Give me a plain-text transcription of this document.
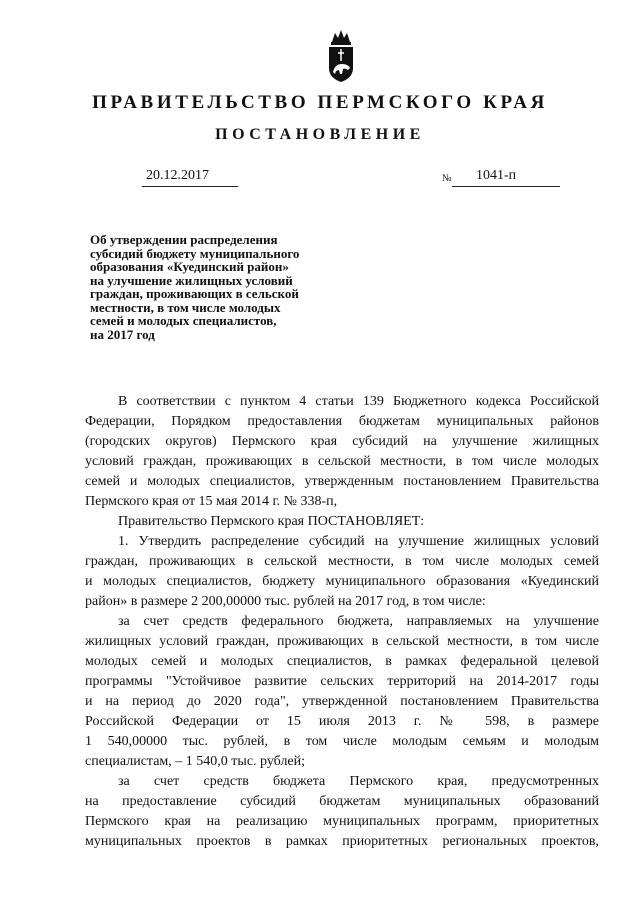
ПРАВИТЕЛЬСТВО ПЕРМСКОГО КРАЯ
ПОСТАНОВЛЕНИЕ
20.12.2017	№ 1041-п
Об утверждении распределения
субсидий бюджету муниципального
образования «Куединский район»
на улучшение жилищных условий
граждан, проживающих в сельской
местности, в том числе молодых
семей и молодых специалистов,
на 2017 год
В соответствии с пунктом 4 статьи 139 Бюджетного кодекса Российской
Федерации, Порядком предоставления бюджетам муниципальных районов
(городских округов) Пермского края субсидий на улучшение жилищных
условий граждан, проживающих в сельской местности, в том числе молодых
семей и молодых специалистов, утвержденным постановлением Правительства
Пермского края от 15 мая 2014 г. № 338-п,
Правительство Пермского края ПОСТАНОВЛЯЕТ:
1. Утвердить распределение субсидий на улучшение жилищных условий
граждан, проживающих в сельской местности, в том числе молодых семей
и молодых специалистов, бюджету муниципального образования «Куединский
район» в размере 2 200,00000 тыс. рублей на 2017 год, в том числе:
за счет средств федерального бюджета, направляемых на улучшение
жилищных условий граждан, проживающих в сельской местности, в том числе
молодых семей и молодых специалистов, в рамках федеральной целевой
программы "Устойчивое развитие сельских территорий на 2014-2017 годы
и на период до 2020 года", утвержденной постановлением Правительства
Российской Федерации от 15 июля 2013 г. № 598, в размере
1 540,00000 тыс. рублей, в том числе молодым семьям и молодым
специалистам, – 1 540,0 тыс. рублей;
за счет средств бюджета Пермского края, предусмотренных
на предоставление субсидий бюджетам муниципальных образований
Пермского края на реализацию муниципальных программ, приоритетных
муниципальных проектов в рамках приоритетных региональных проектов,
